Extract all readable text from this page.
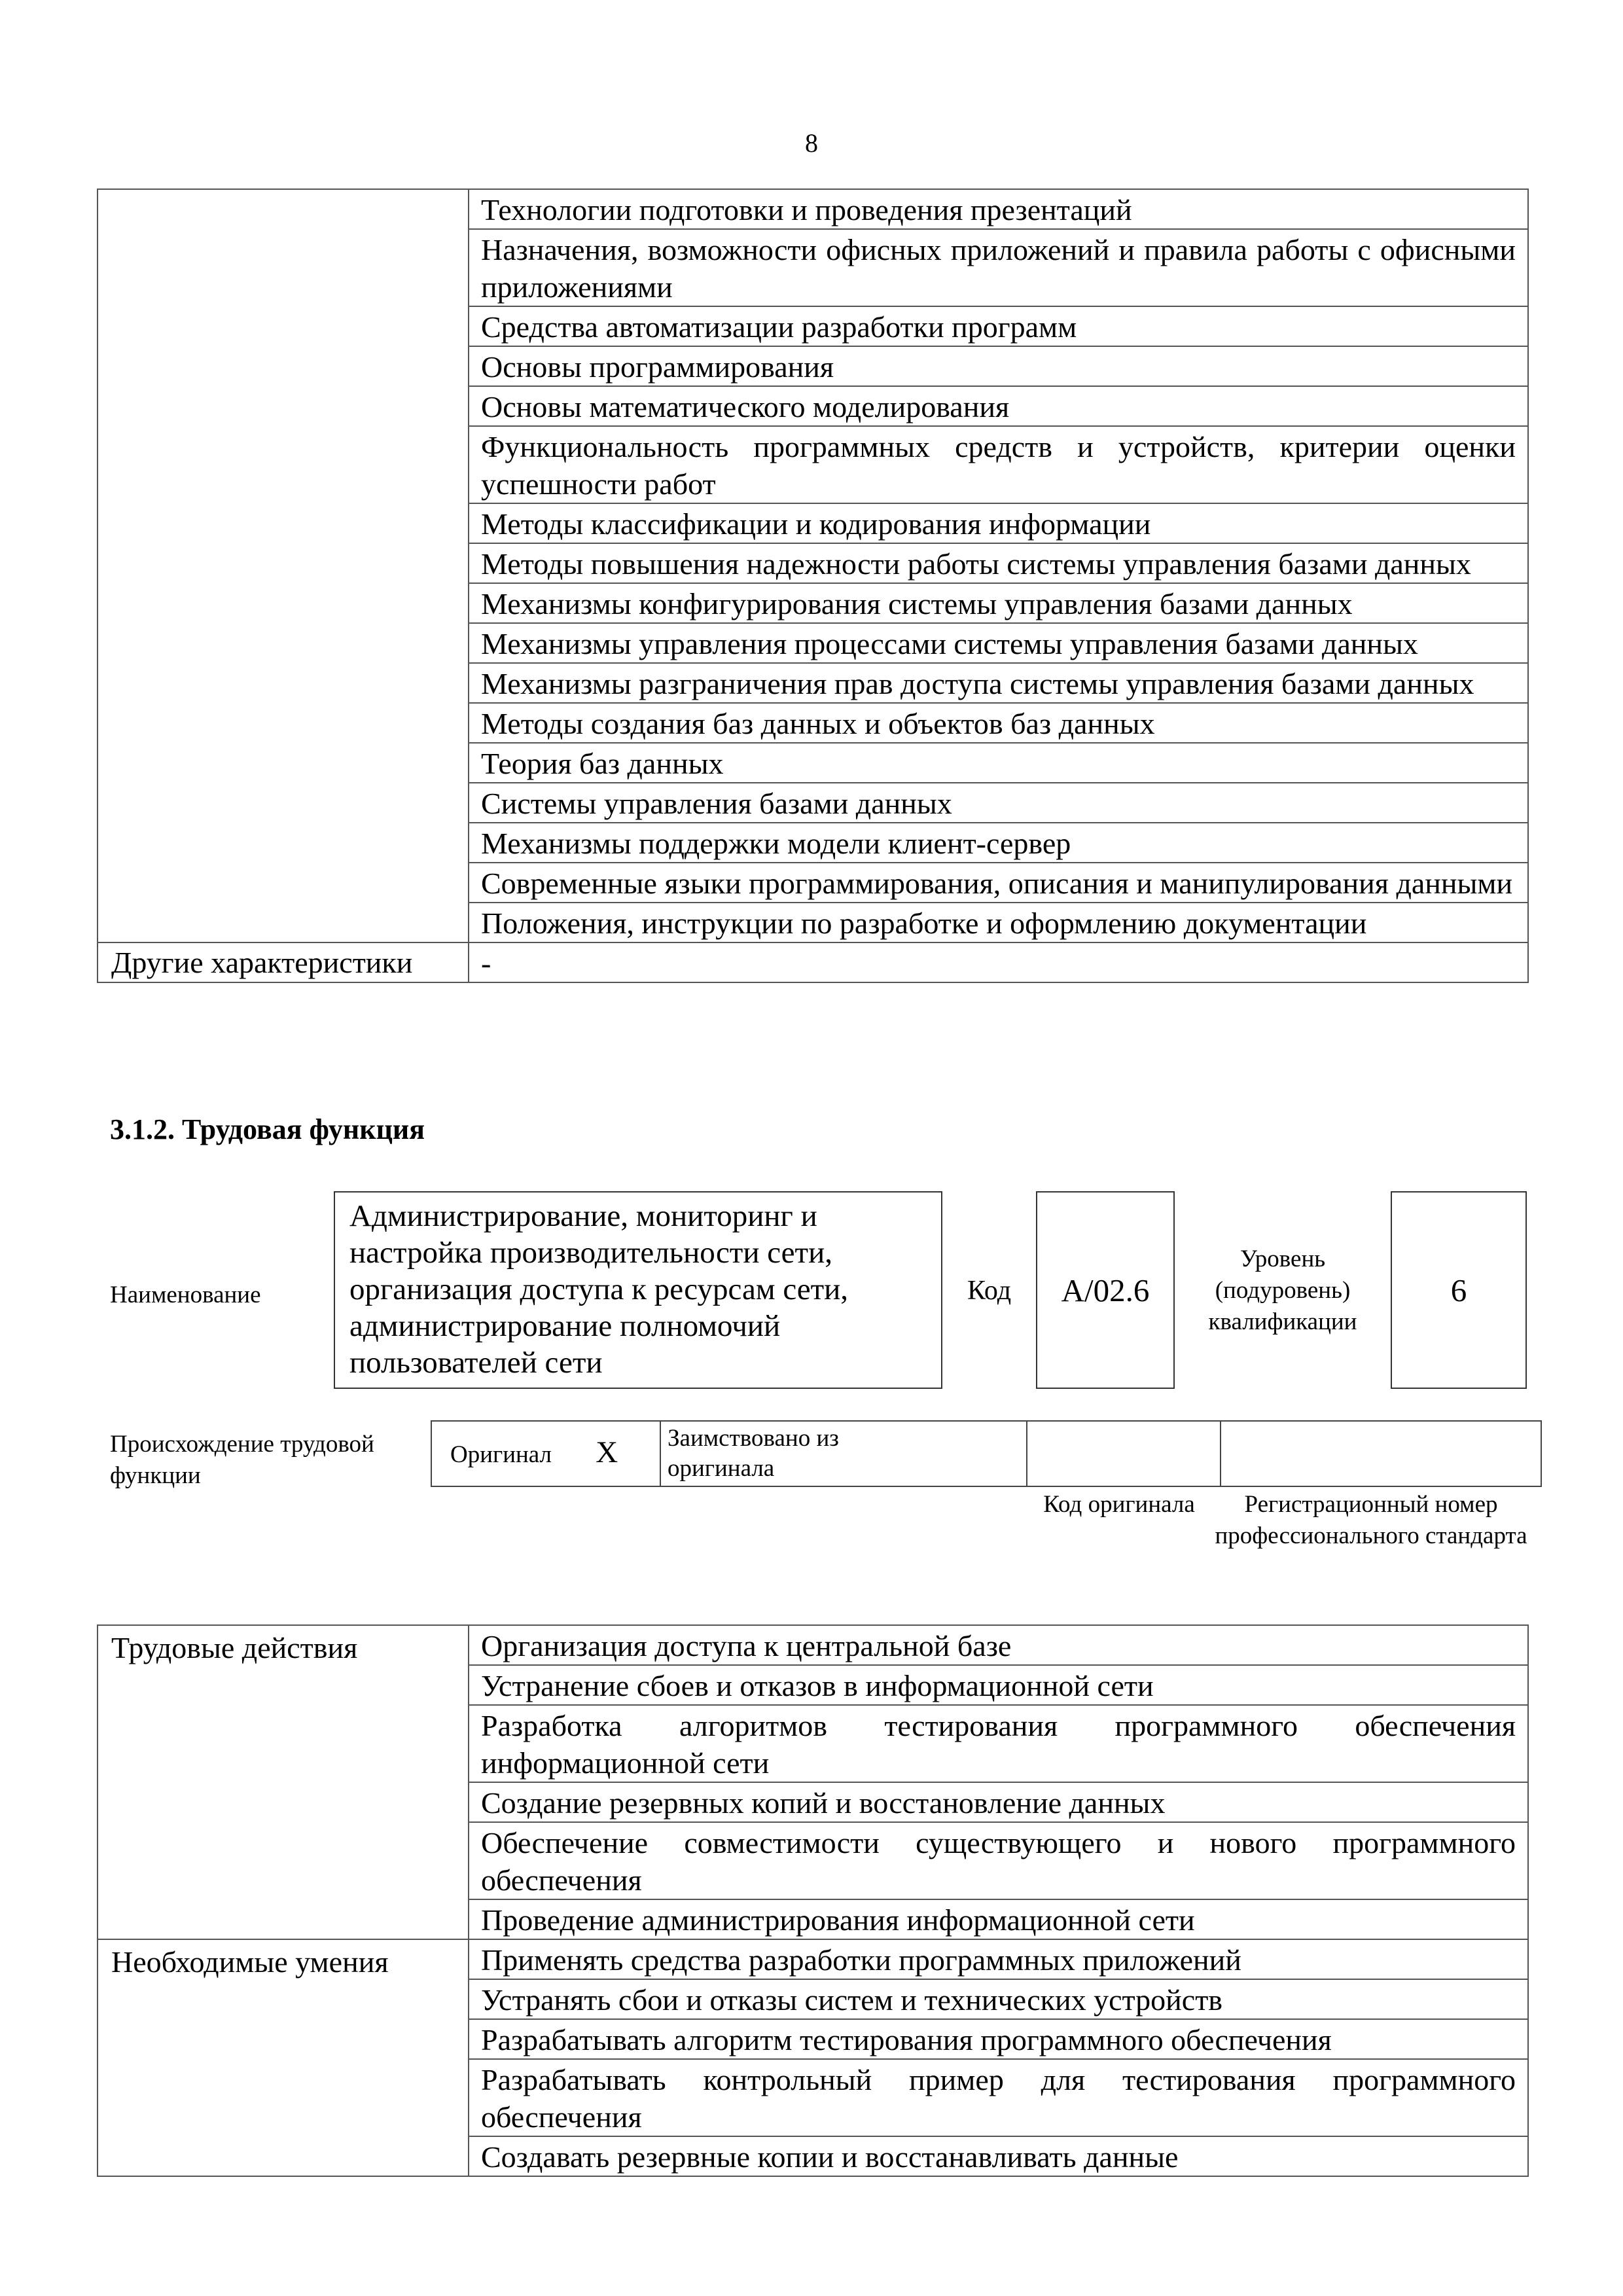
8
	Технологии подготовки и проведения презентаций
	Назначения, возможности офисных приложений и правила работы с офисными приложениями
	Средства автоматизации разработки программ
	Основы программирования
	Основы математического моделирования
	Функциональность программных средств и устройств, критерии оценки успешности работ
	Методы классификации и кодирования информации
	Методы повышения надежности работы системы управления базами данных
	Механизмы конфигурирования системы управления базами данных
	Механизмы управления процессами системы управления базами данных
	Механизмы разграничения прав доступа системы управления базами данных
	Методы создания баз данных и объектов баз данных
	Теория баз данных
	Системы управления базами данных
	Механизмы поддержки модели клиент-сервер
	Современные языки программирования, описания и манипулирования данными
	Положения, инструкции по разработке и оформлению документации
Другие характеристики	-
3.1.2. Трудовая функция
Наименование
Администрирование, мониторинг и настройка производительности сети, организация доступа к ресурсам сети, администрирование полномочий пользователей сети
Код A/02.6
Уровень (подуровень) квалификации
6
Происхождение трудовой функции
Оригинал X	Заимствовано из оригинала

Код оригинала	Регистрационный номер профессионального стандарта
Трудовые действия	Организация доступа к центральной базе
	Устранение сбоев и отказов в информационной сети
	Разработка алгоритмов тестирования программного обеспечения информационной сети
	Создание резервных копий и восстановление данных
	Обеспечение совместимости существующего и нового программного обеспечения
	Проведение администрирования информационной сети
Необходимые умения	Применять средства разработки программных приложений
	Устранять сбои и отказы систем и технических устройств
	Разрабатывать алгоритм тестирования программного обеспечения
	Разрабатывать контрольный пример для тестирования программного обеспечения
	Создавать резервные копии и восстанавливать данные
